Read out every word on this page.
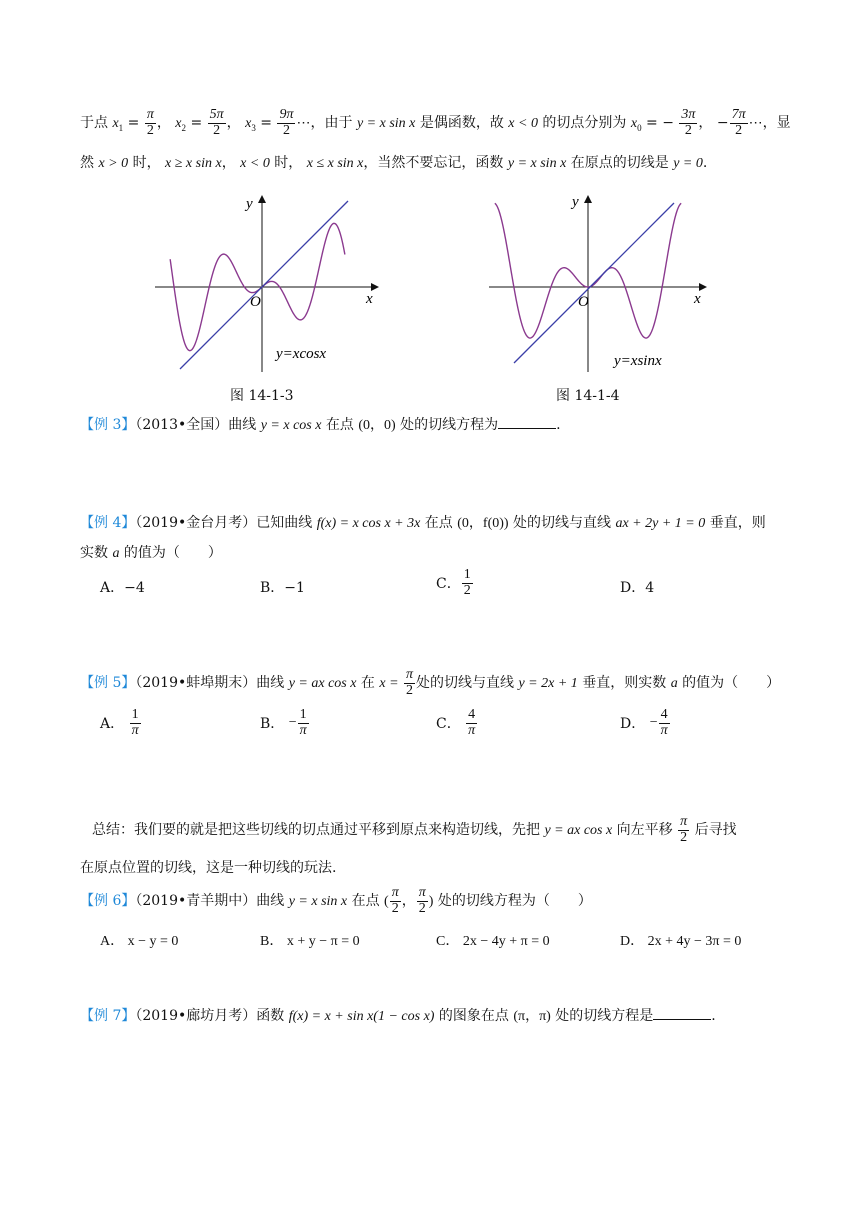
于点 $x_1 = \frac{\pi}{2}$ ， $x_2 = \frac{5\pi}{2}$ ， $x_3 = \frac{9\pi}{2}$ ⋯，由于 y = x sin x 是偶函数，故 x < 0 的切点分别为 $x_0$ = − $\frac{3\pi}{2}$ ， − $\frac{7\pi}{2}$ ⋯，显
然 x > 0 时， x ≥ x sin x， x < 0 时， x ≤ x sin x，当然不要忘记，函数 y = x sin x 在原点的切线是 y = 0.
y
x
O
y=xcosx
图 14-1-3
y
x
O
y=xsinx
图 14-1-4
【例 3】（2013•全国）曲线 y = x cos x 在点 (0，0) 处的切线方程为	.
【例 4】（2019•金台月考）已知曲线 f(x) = x cos x + 3x 在点 (0，f(0)) 处的切线与直线 ax + 2y + 1 = 0 垂直，则
实数 a 的值为（　　）
A．−4	B．−1	C． $\frac{1}{2}$	D．4
【例 5】（2019•蚌埠期末）曲线 y = ax cos x 在 $x = \frac{\pi}{2}$ 处的切线与直线 y = 2x + 1 垂直，则实数 a 的值为（　　）
A． $\frac{1}{\pi}$	B． − $\frac{1}{\pi}$	C． $\frac{4}{\pi}$	D． − $\frac{4}{\pi}$
总结：我们要的就是把这些切线的切点通过平移到原点来构造切线，先把 y = ax cos x 向左平移 $\frac{\pi}{2}$ 后寻找
在原点位置的切线，这是一种切线的玩法.
【例 6】（2019•青羊期中）曲线 y = x sin x 在点 ( $\frac{\pi}{2}$ ， $\frac{\pi}{2}$ ) 处的切线方程为（　　）
A． x − y = 0	B． x + y − π = 0	C． 2x − 4y + π = 0	D． 2x + 4y − 3π = 0
【例 7】（2019•廊坊月考）函数 f(x) = x + sin x(1 − cos x) 的图象在点 (π，π) 处的切线方程是	.
